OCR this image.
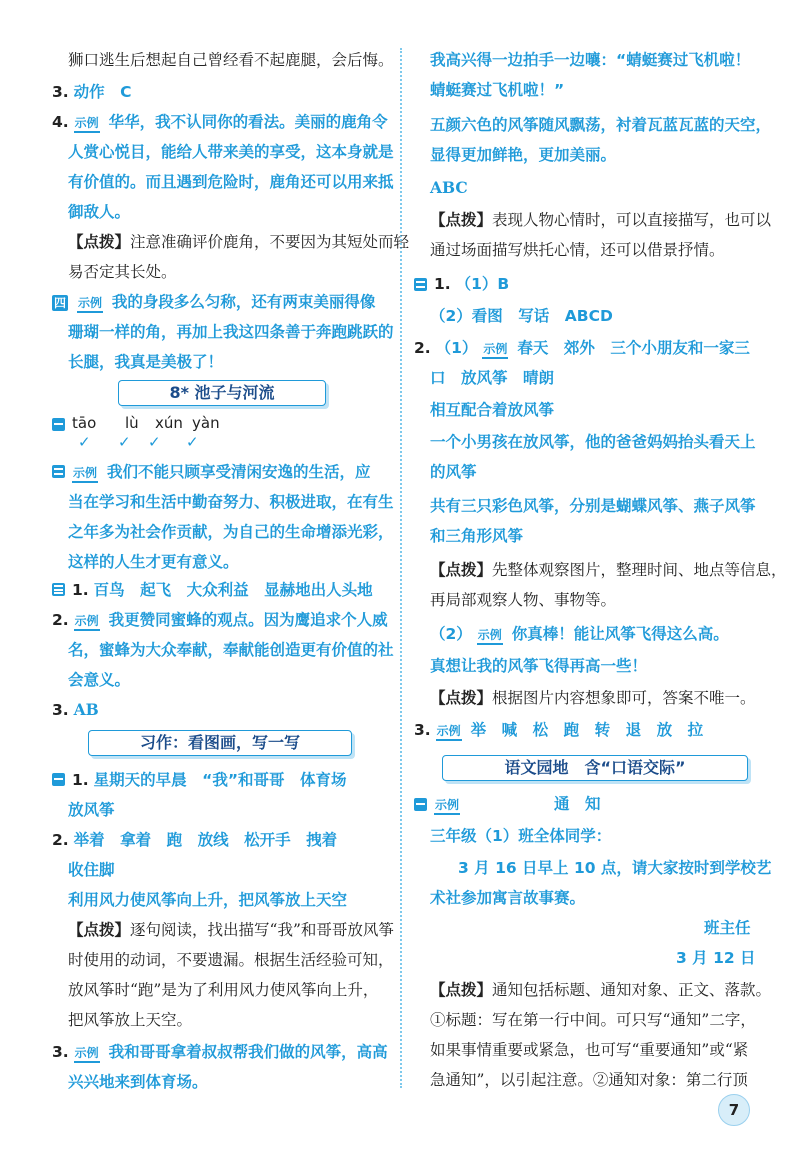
狮口逃生后想起自己曾经看不起鹿腿，会后悔。
3. 动作　C
4. 示例 华华，我不认同你的看法。美丽的鹿角令
人赏心悦目，能给人带来美的享受，这本身就是
有价值的。而且遇到危险时，鹿角还可以用来抵
御敌人。
【点拨】注意准确评价鹿角，不要因为其短处而轻
易否定其长处。
四 示例 我的身段多么匀称，还有两束美丽得像
珊瑚一样的角，再加上我这四条善于奔跑跳跃的
长腿，我真是美极了！
8* 池子与河流
tāo lù xún yàn
✓ ✓ ✓ ✓
示例 我们不能只顾享受清闲安逸的生活，应
当在学习和生活中勤奋努力、积极进取，在有生
之年多为社会作贡献，为自己的生命增添光彩，
这样的人生才更有意义。
1. 百鸟　起飞　大众利益　显赫地出人头地
2. 示例 我更赞同蜜蜂的观点。因为鹰追求个人威
名，蜜蜂为大众奉献，奉献能创造更有价值的社
会意义。
3. AB
习作：看图画，写一写
1. 星期天的早晨　“我”和哥哥　体育场
放风筝
2. 举着　拿着　跑　放线　松开手　拽着
收住脚
利用风力使风筝向上升，把风筝放上天空
【点拨】逐句阅读，找出描写“我”和哥哥放风筝
时使用的动词，不要遗漏。根据生活经验可知，
放风筝时“跑”是为了利用风力使风筝向上升，
把风筝放上天空。
3. 示例 我和哥哥拿着叔叔帮我们做的风筝，高高
兴兴地来到体育场。
我高兴得一边拍手一边嚷：“蜻蜓赛过飞机啦！
蜻蜓赛过飞机啦！”
五颜六色的风筝随风飘荡，衬着瓦蓝瓦蓝的天空，
显得更加鲜艳，更加美丽。
ABC
【点拨】表现人物心情时，可以直接描写，也可以
通过场面描写烘托心情，还可以借景抒情。
1. （1）B
（2）看图　写话　ABCD
2. （1） 示例 春天　郊外　三个小朋友和一家三
口　放风筝　晴朗
相互配合着放风筝
一个小男孩在放风筝，他的爸爸妈妈抬头看天上
的风筝
共有三只彩色风筝，分别是蝴蝶风筝、燕子风筝
和三角形风筝
【点拨】先整体观察图片，整理时间、地点等信息，
再局部观察人物、事物等。
（2） 示例 你真棒！能让风筝飞得这么高。
真想让我的风筝飞得再高一些！
【点拨】根据图片内容想象即可，答案不唯一。
3. 示例 举　喊　松　跑　转　退　放　拉
语文园地　含“口语交际”
示例	通　知
三年级（1）班全体同学：
3 月 16 日早上 10 点，请大家按时到学校艺
术社参加寓言故事赛。
班主任
3 月 12 日
【点拨】通知包括标题、通知对象、正文、落款。
①标题：写在第一行中间。可只写“通知”二字，
如果事情重要或紧急，也可写“重要通知”或“紧
急通知”，以引起注意。②通知对象：第二行顶
7
